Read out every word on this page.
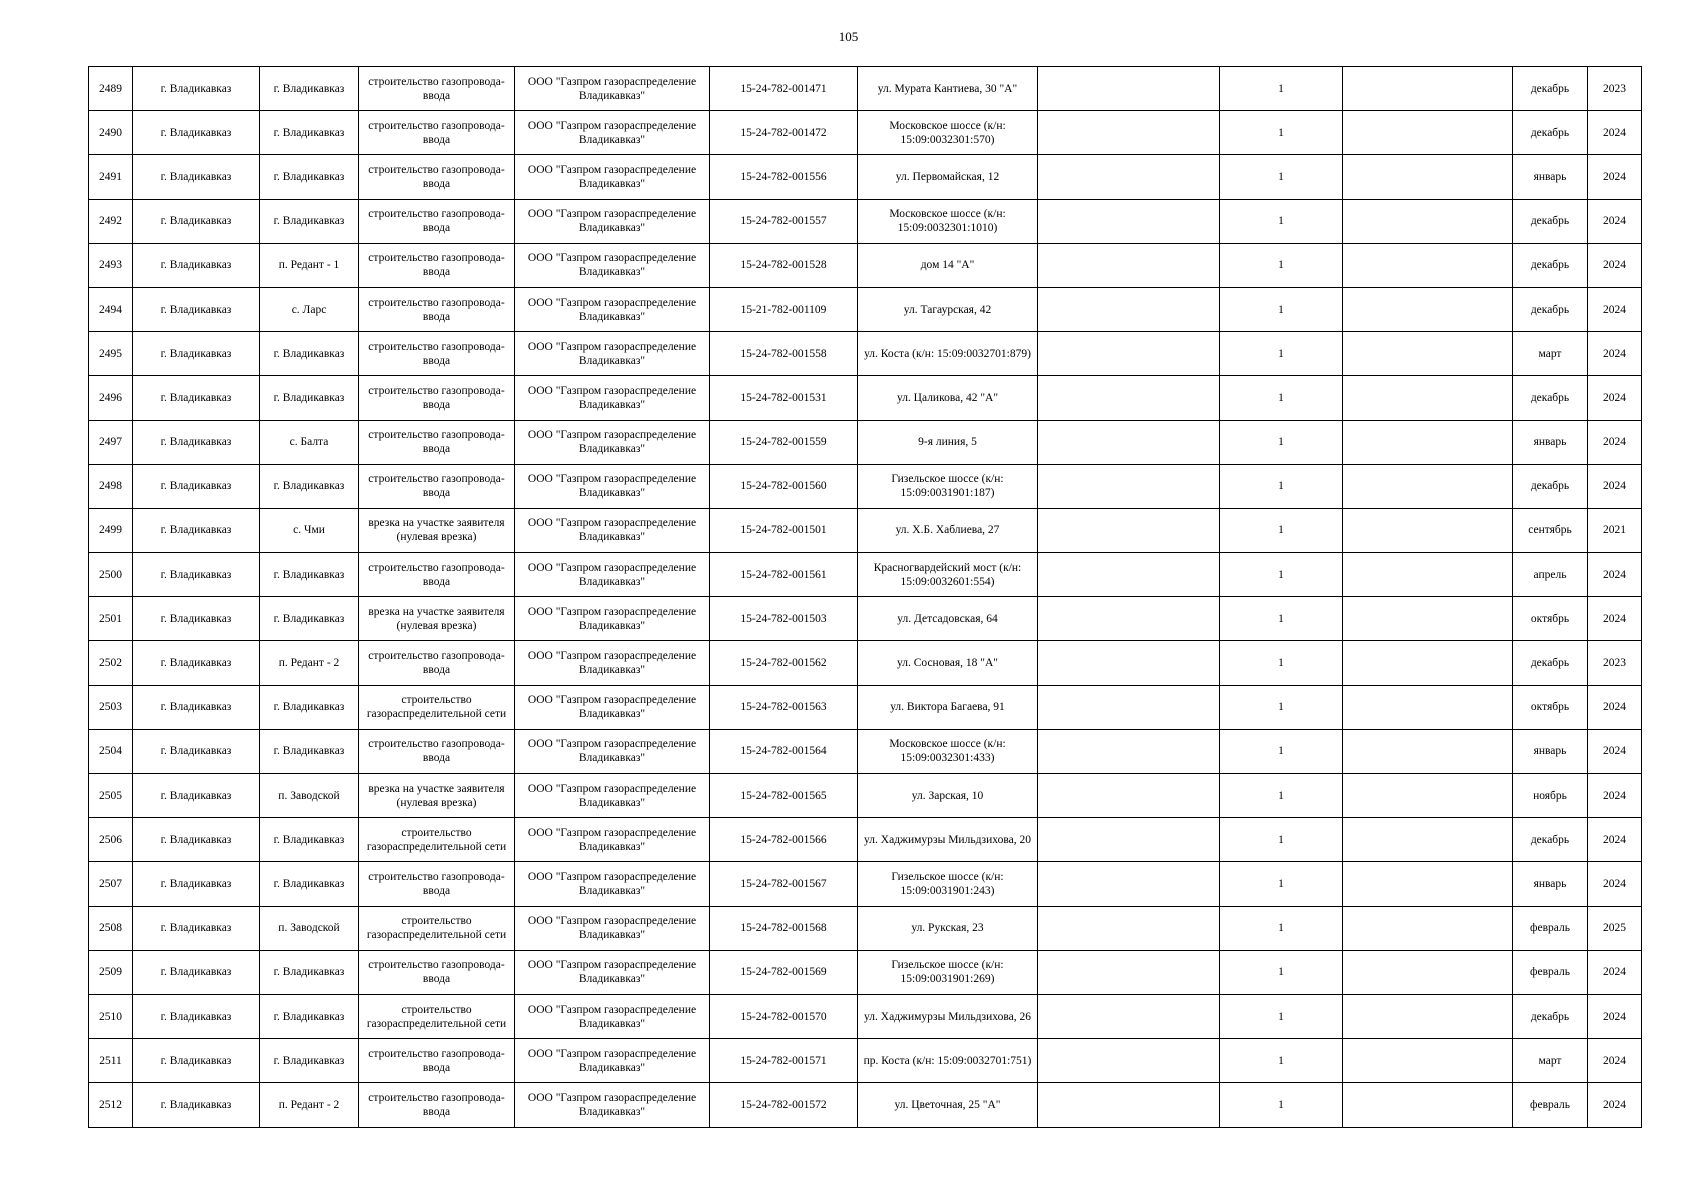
105
2489	г. Владикавказ	г. Владикавказ	строительство газопровода-ввода	ООО "Газпром газораспределение Владикавказ"	15-24-782-001471	ул. Мурата Кантиева, 30 "А"		1		декабрь	2023
2490	г. Владикавказ	г. Владикавказ	строительство газопровода-ввода	ООО "Газпром газораспределение Владикавказ"	15-24-782-001472	Московское шоссе (к/н: 15:09:0032301:570)		1		декабрь	2024
2491	г. Владикавказ	г. Владикавказ	строительство газопровода-ввода	ООО "Газпром газораспределение Владикавказ"	15-24-782-001556	ул. Первомайская, 12		1		январь	2024
2492	г. Владикавказ	г. Владикавказ	строительство газопровода-ввода	ООО "Газпром газораспределение Владикавказ"	15-24-782-001557	Московское шоссе (к/н: 15:09:0032301:1010)		1		декабрь	2024
2493	г. Владикавказ	п. Редант - 1	строительство газопровода-ввода	ООО "Газпром газораспределение Владикавказ"	15-24-782-001528	дом 14 "А"		1		декабрь	2024
2494	г. Владикавказ	с. Ларс	строительство газопровода-ввода	ООО "Газпром газораспределение Владикавказ"	15-21-782-001109	ул. Тагаурская, 42		1		декабрь	2024
2495	г. Владикавказ	г. Владикавказ	строительство газопровода-ввода	ООО "Газпром газораспределение Владикавказ"	15-24-782-001558	ул. Коста (к/н: 15:09:0032701:879)		1		март	2024
2496	г. Владикавказ	г. Владикавказ	строительство газопровода-ввода	ООО "Газпром газораспределение Владикавказ"	15-24-782-001531	ул. Цаликова, 42 "А"		1		декабрь	2024
2497	г. Владикавказ	с. Балта	строительство газопровода-ввода	ООО "Газпром газораспределение Владикавказ"	15-24-782-001559	9-я линия, 5		1		январь	2024
2498	г. Владикавказ	г. Владикавказ	строительство газопровода-ввода	ООО "Газпром газораспределение Владикавказ"	15-24-782-001560	Гизельское шоссе (к/н: 15:09:0031901:187)		1		декабрь	2024
2499	г. Владикавказ	с. Чми	врезка на участке заявителя (нулевая врезка)	ООО "Газпром газораспределение Владикавказ"	15-24-782-001501	ул. Х.Б. Хаблиева, 27		1		сентябрь	2021
2500	г. Владикавказ	г. Владикавказ	строительство газопровода-ввода	ООО "Газпром газораспределение Владикавказ"	15-24-782-001561	Красногвардейский мост (к/н: 15:09:0032601:554)		1		апрель	2024
2501	г. Владикавказ	г. Владикавказ	врезка на участке заявителя (нулевая врезка)	ООО "Газпром газораспределение Владикавказ"	15-24-782-001503	ул. Детсадовская, 64		1		октябрь	2024
2502	г. Владикавказ	п. Редант - 2	строительство газопровода-ввода	ООО "Газпром газораспределение Владикавказ"	15-24-782-001562	ул. Сосновая, 18 "А"		1		декабрь	2023
2503	г. Владикавказ	г. Владикавказ	строительство газораспределительной сети	ООО "Газпром газораспределение Владикавказ"	15-24-782-001563	ул. Виктора Багаева, 91		1		октябрь	2024
2504	г. Владикавказ	г. Владикавказ	строительство газопровода-ввода	ООО "Газпром газораспределение Владикавказ"	15-24-782-001564	Московское шоссе (к/н: 15:09:0032301:433)		1		январь	2024
2505	г. Владикавказ	п. Заводской	врезка на участке заявителя (нулевая врезка)	ООО "Газпром газораспределение Владикавказ"	15-24-782-001565	ул. Зарская, 10		1		ноябрь	2024
2506	г. Владикавказ	г. Владикавказ	строительство газораспределительной сети	ООО "Газпром газораспределение Владикавказ"	15-24-782-001566	ул. Хаджимурзы Мильдзихова, 20		1		декабрь	2024
2507	г. Владикавказ	г. Владикавказ	строительство газопровода-ввода	ООО "Газпром газораспределение Владикавказ"	15-24-782-001567	Гизельское шоссе (к/н: 15:09:0031901:243)		1		январь	2024
2508	г. Владикавказ	п. Заводской	строительство газораспределительной сети	ООО "Газпром газораспределение Владикавказ"	15-24-782-001568	ул. Рукская, 23		1		февраль	2025
2509	г. Владикавказ	г. Владикавказ	строительство газопровода-ввода	ООО "Газпром газораспределение Владикавказ"	15-24-782-001569	Гизельское шоссе (к/н: 15:09:0031901:269)		1		февраль	2024
2510	г. Владикавказ	г. Владикавказ	строительство газораспределительной сети	ООО "Газпром газораспределение Владикавказ"	15-24-782-001570	ул. Хаджимурзы Мильдзихова, 26		1		декабрь	2024
2511	г. Владикавказ	г. Владикавказ	строительство газопровода-ввода	ООО "Газпром газораспределение Владикавказ"	15-24-782-001571	пр. Коста (к/н: 15:09:0032701:751)		1		март	2024
2512	г. Владикавказ	п. Редант - 2	строительство газопровода-ввода	ООО "Газпром газораспределение Владикавказ"	15-24-782-001572	ул. Цветочная, 25 "А"		1		февраль	2024
